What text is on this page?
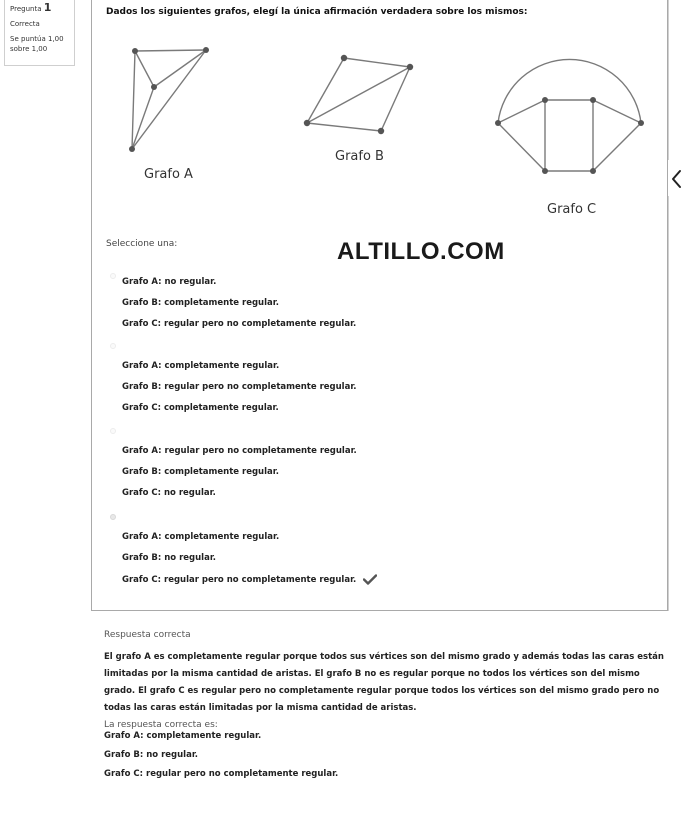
Pregunta 1
Correcta
Se puntúa 1,00 sobre 1,00
Dados los siguientes grafos, elegí la única afirmación verdadera sobre los mismos:
Grafo A
Grafo B
Grafo C
Seleccione una:	ALTILLO.COM
Grafo A: no regular.
Grafo B: completamente regular.
Grafo C: regular pero no completamente regular.
Grafo A: completamente regular.
Grafo B: regular pero no completamente regular.
Grafo C: completamente regular.
Grafo A: regular pero no completamente regular.
Grafo B: completamente regular.
Grafo C: no regular.
Grafo A: completamente regular.
Grafo B: no regular.
Grafo C: regular pero no completamente regular.
Respuesta correcta
El grafo A es completamente regular porque todos sus vértices son del mismo grado y además todas las caras están limitadas por la misma cantidad de aristas. El grafo B no es regular porque no todos los vértices son del mismo grado. El grafo C es regular pero no completamente regular porque todos los vértices son del mismo grado pero no todas las caras están limitadas por la misma cantidad de aristas.
La respuesta correcta es:
Grafo A: completamente regular.
Grafo B: no regular.
Grafo C: regular pero no completamente regular.
